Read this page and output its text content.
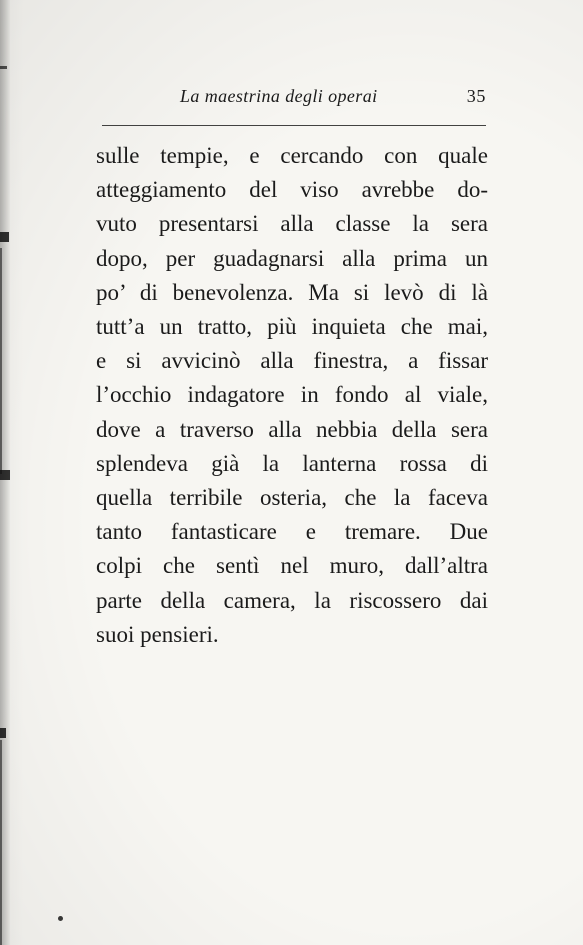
La maestrina degli operai	35
sulle tempie, e cercando con quale
atteggiamento del viso avrebbe do-
vuto presentarsi alla classe la sera
dopo, per guadagnarsi alla prima un
po’ di benevolenza. Ma si levò di là
tutt’a un tratto, più inquieta che mai,
e si avvicinò alla finestra, a fissar
l’occhio indagatore in fondo al viale,
dove a traverso alla nebbia della sera
splendeva già la lanterna rossa di
quella terribile osteria, che la faceva
tanto fantasticare e tremare. Due
colpi che sentì nel muro, dall’altra
parte della camera, la riscossero dai
suoi pensieri.
